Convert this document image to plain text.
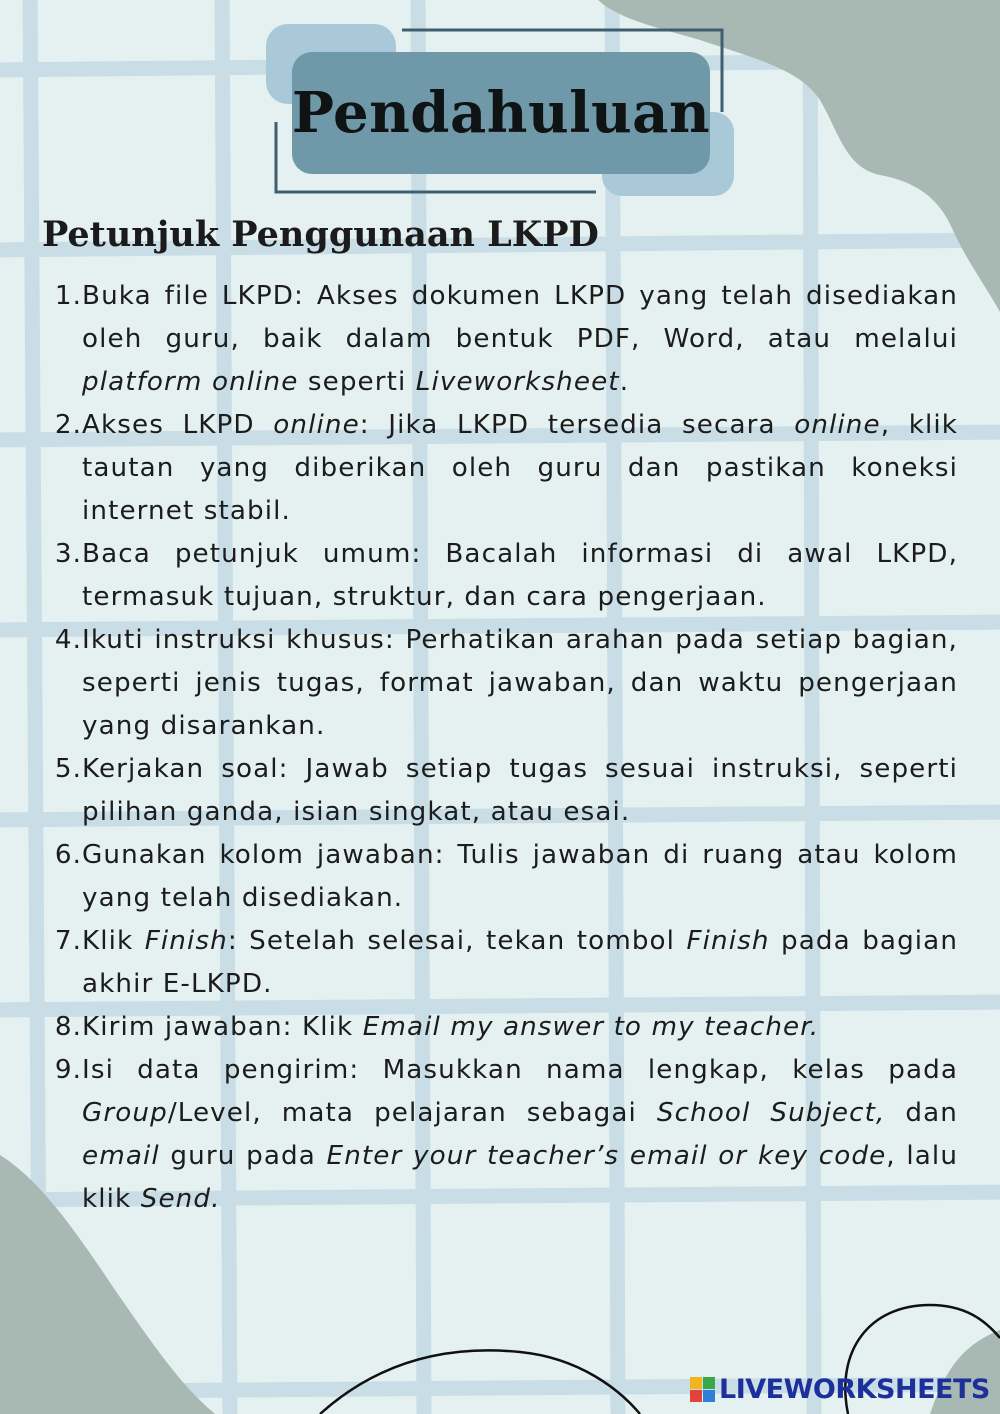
Pendahuluan
Petunjuk Penggunaan LKPD
1. Buka file LKPD: Akses dokumen LKPD yang telah disediakan oleh guru, baik dalam bentuk PDF, Word, atau melalui platform online seperti Liveworksheet.
2. Akses LKPD online: Jika LKPD tersedia secara online, klik tautan yang diberikan oleh guru dan pastikan koneksi internet stabil.
3. Baca petunjuk umum: Bacalah informasi di awal LKPD, termasuk tujuan, struktur, dan cara pengerjaan.
4. Ikuti instruksi khusus: Perhatikan arahan pada setiap bagian, seperti jenis tugas, format jawaban, dan waktu pengerjaan yang disarankan.
5. Kerjakan soal: Jawab setiap tugas sesuai instruksi, seperti pilihan ganda, isian singkat, atau esai.
6. Gunakan kolom jawaban: Tulis jawaban di ruang atau kolom yang telah disediakan.
7. Klik Finish: Setelah selesai, tekan tombol Finish pada bagian akhir E-LKPD.
8. Kirim jawaban: Klik Email my answer to my teacher.
9. Isi data pengirim: Masukkan nama lengkap, kelas pada Group/Level, mata pelajaran sebagai School Subject, dan email guru pada Enter your teacher’s email or key code, lalu klik Send.
LIVEWORKSHEETS
